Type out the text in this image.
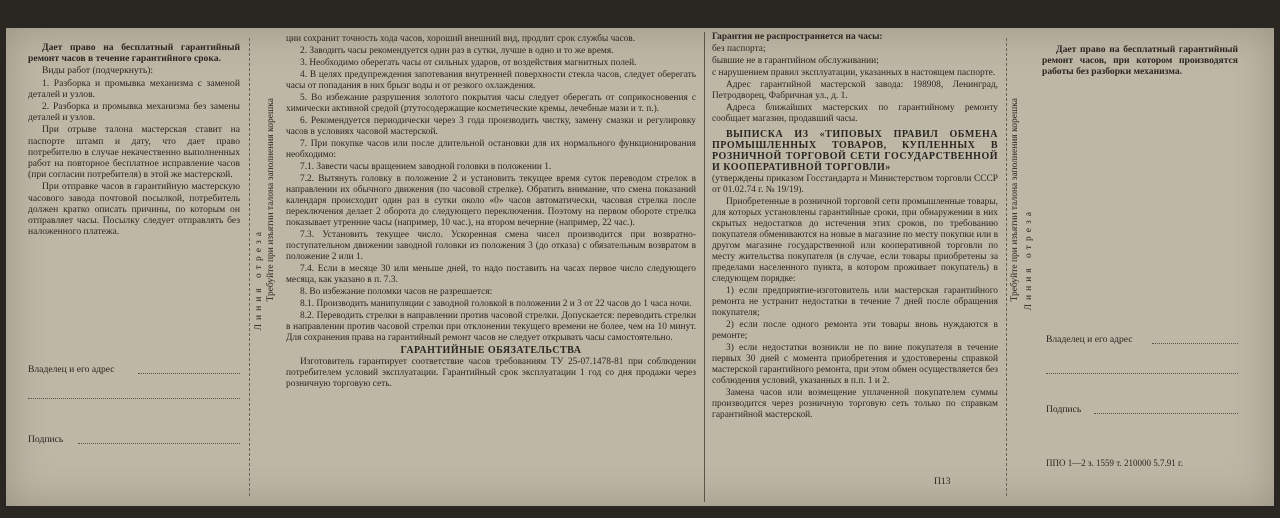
Дает право на бесплатный гарантийный ремонт часов в течение гарантийного срока.

Виды работ (подчеркнуть):

1. Разборка и промывка механизма с заменой деталей и узлов.

2. Разборка и промывка механизма без замены деталей и узлов.

При отрыве талона мастерская ставит на паспорте штамп и дату, что дает право потребителю в случае некачественно выполненных работ на повторное бесплатное исправление часов (при согласии потребителя) в этой же мастерской.

При отправке часов в гарантийную мастерскую часового завода почтовой посылкой, потребитель должен кратко описать причины, по которым он отправляет часы. Посылку следует отправлять без наложенного платежа.

Владелец и его адрес
Подпись
Линия отреза Требуйте при изъятии талона заполнения корешка

ции сохранит точность хода часов, хороший внешний вид, продлит срок службы часов.

2. Заводить часы рекомендуется один раз в сутки, лучше в одно и то же время.

3. Необходимо оберегать часы от сильных ударов, от воздействия магнитных полей.

4. В целях предупреждения запотевания внутренней поверхности стекла часов, следует оберегать часы от попадания в них брызг воды и от резкого охлаждения.

5. Во избежание разрушения золотого покрытия часы следует оберегать от соприкосновения с химически активной средой (ртутосодержащие косметические кремы, лечебные мази и т. п.).

6. Рекомендуется периодически через 3 года производить чистку, замену смазки и регулировку часов в условиях часовой мастерской.

7. При покупке часов или после длительной остановки для их нормального функционирования необходимо:

7.1. Завести часы вращением заводной головки в положении 1.

7.2. Вытянуть головку в положение 2 и установить текущее время суток переводом стрелок в направлении их обычного движения (по часовой стрелке). Обратить внимание, что смена показаний календаря происходит один раз в сутки около «0» часов автоматически, часовая стрелка после переключения делает 2 оборота до следующего переключения. Поэтому на первом обороте стрелка показывает утренние часы (например, 10 час.), на втором вечерние (например, 22 час.).

7.3. Установить текущее число. Ускоренная смена чисел производится при возвратно-поступательном движении заводной головки из положения 3 (до отказа) с обязательным возвратом в положение 2 или 1.

7.4. Если в месяце 30 или меньше дней, то надо поставить на часах первое число следующего месяца, как указано в п. 7.3.

8. Во избежание поломки часов не разрешается:

8.1. Производить манипуляции с заводной головкой в положении 2 и 3 от 22 часов до 1 часа ночи.

8.2. Переводить стрелки в направлении против часовой стрелки. Допускается: переводить стрелки в направлении против часовой стрелки при отклонении текущего времени не более, чем на 10 минут. Для сохранения права на гарантийный ремонт часов не следует открывать часы самостоятельно.

ГАРАНТИЙНЫЕ ОБЯЗАТЕЛЬСТВА

Изготовитель гарантирует соответствие часов требованиям ТУ 25-07.1478-81 при соблюдении потребителем условий эксплуатации. Гарантийный срок эксплуатации 1 год со дня продажи через розничную торговую сеть.

Гарантия не распространяется на часы:

без паспорта;

бывшие не в гарантийном обслуживании;

с нарушением правил эксплуатации, указанных в настоящем паспорте.

Адрес гарантийной мастерской завода: 198908, Ленинград, Петродворец, Фабричная ул., д. 1.

Адреса ближайших мастерских по гарантийному ремонту сообщает магазин, продавший часы.

ВЫПИСКА ИЗ «ТИПОВЫХ ПРАВИЛ ОБМЕНА ПРОМЫШЛЕННЫХ ТОВАРОВ, КУПЛЕННЫХ В РОЗНИЧНОЙ ТОРГОВОЙ СЕТИ ГОСУДАРСТВЕННОЙ И КООПЕРАТИВНОЙ ТОРГОВЛИ»

(утверждены приказом Госстандарта и Министерством торговли СССР от 01.02.74 г. № 19/19).

Приобретенные в розничной торговой сети промышленные товары, для которых установлены гарантийные сроки, при обнаружении в них скрытых недостатков до истечения этих сроков, по требованию покупателя обмениваются на новые в магазине по месту покупки или в другом магазине государственной или кооперативной торговли по месту жительства покупателя (в случае, если товары приобретены за пределами населенного пункта, в котором проживает покупатель) в следующем порядке:

1) если предприятие-изготовитель или мастерская гарантийного ремонта не устранит недостатки в течение 7 дней после обращения покупателя;

2) если после одного ремонта эти товары вновь нуждаются в ремонте;

3) если недостатки возникли не по вине покупателя в течение первых 30 дней с момента приобретения и удостоверены справкой мастерской гарантийного ремонта, при этом обмен осуществляется без соблюдения условий, указанных в п.п. 1 и 2.

Замена часов или возмещение уплаченной покупателем суммы производится через розничную торговую сеть только по справкам гарантийной мастерской.

П13
Требуйте при изъятии талона заполнения корешка Линия отреза

Дает право на бесплатный гарантийный ремонт часов, при котором производятся работы без разборки механизма.

Владелец и его адрес
Подпись
ППО 1—2 з. 1559 т. 210000 5.7.91 г.
